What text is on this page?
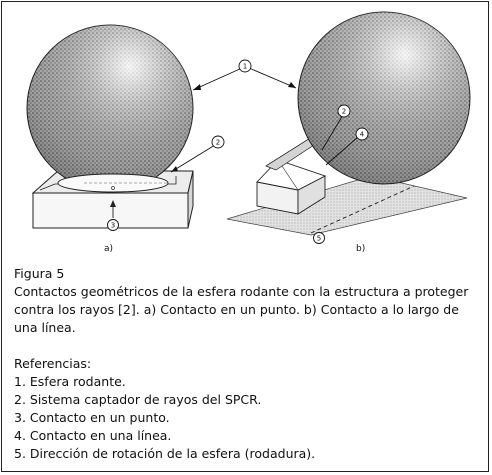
1
2
3
2
4
5
a)	b)

Figura 5

Contactos geométricos de la esfera rodante con la estructura a proteger contra los rayos [2]. a) Contacto en un punto. b) Contacto a lo largo de una línea.

Referencias:

1. Esfera rodante.

2. Sistema captador de rayos del SPCR.

3. Contacto en un punto.

4. Contacto en una línea.

5. Dirección de rotación de la esfera (rodadura).
